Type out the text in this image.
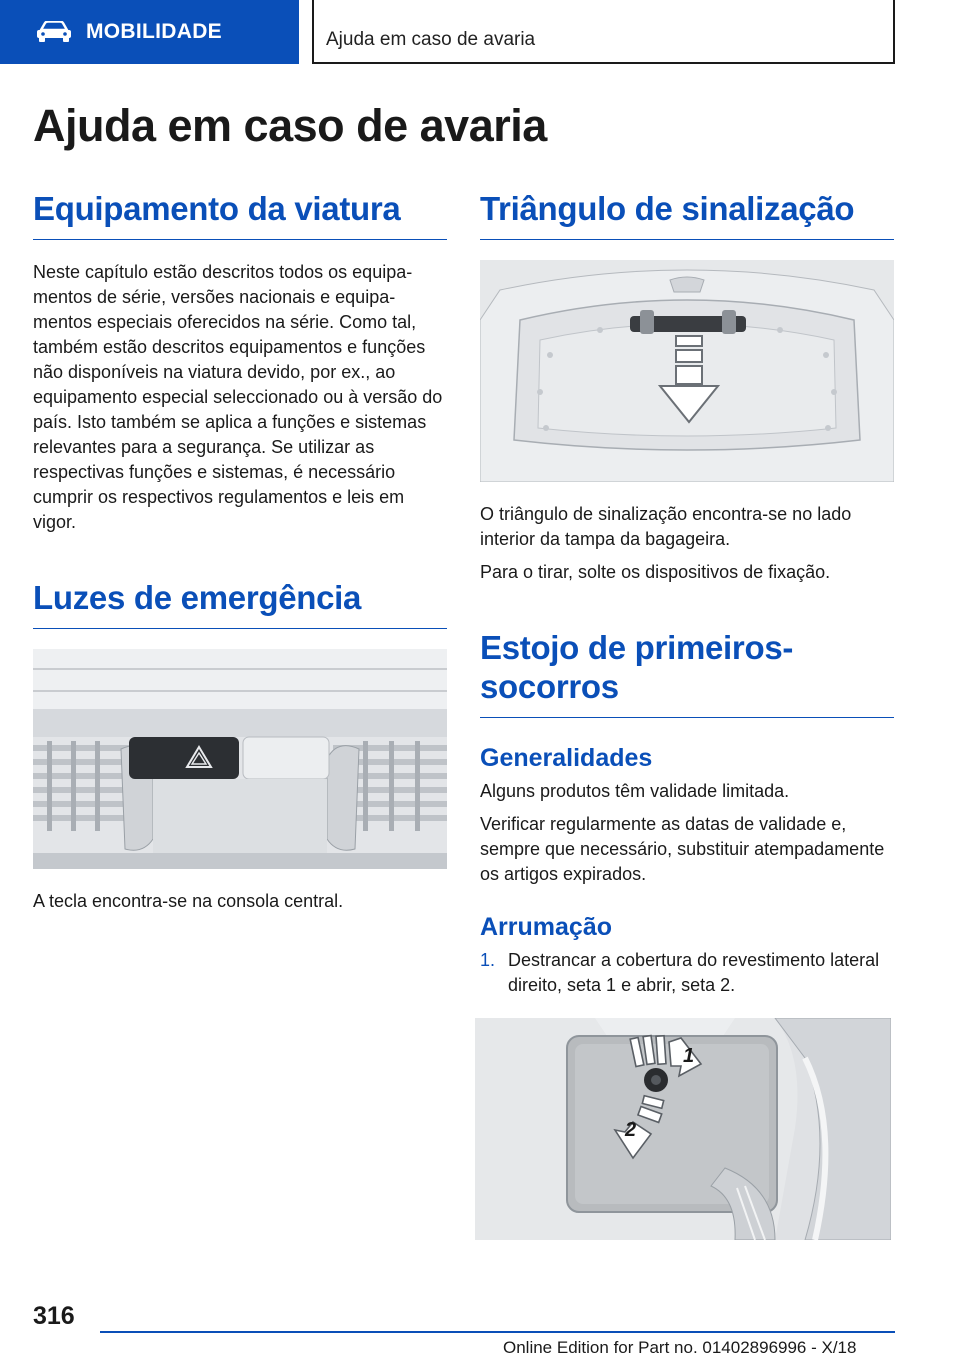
MOBILIDADE	Ajuda em caso de avaria
Ajuda em caso de avaria
Equipamento da viatura

Neste capítulo estão descritos todos os equipamentos de série, versões nacionais e equipamentos especiais oferecidos na série. Como tal, também estão descritos equipamentos e funções não disponíveis na viatura devido, por ex., ao equipamento especial seleccionado ou à versão do país. Isto também se aplica a funções e sistemas relevantes para a segurança. Se utilizar as respectivas funções e sistemas, é necessário cumprir os respectivos regulamentos e leis em vigor.

Luzes de emergência

A tecla encontra-se na consola central.

Triângulo de sinalização

O triângulo de sinalização encontra-se no lado interior da tampa da bagageira.

Para o tirar, solte os dispositivos de fixação.

Estojo de primeiros-socorros
Generalidades

Alguns produtos têm validade limitada.

Verificar regularmente as datas de validade e, sempre que necessário, substituir atempadamente os artigos expirados.

Arrumação
1. Destrancar a cobertura do revestimento lateral direito, seta 1 e abrir, seta 2.
1
2
316
Online Edition for Part no. 01402896996 - X/18
